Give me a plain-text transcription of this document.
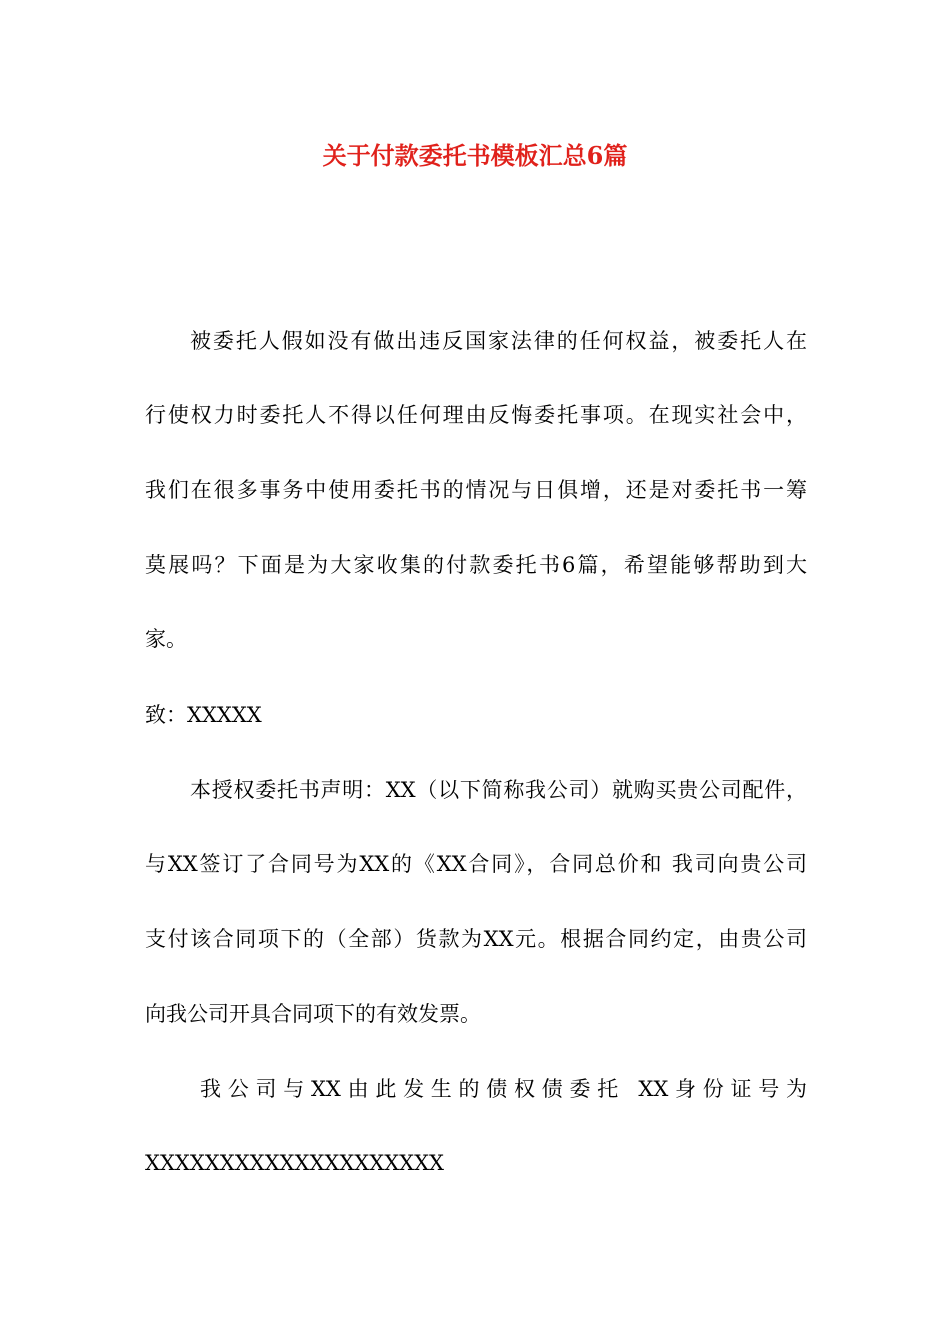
关于付款委托书模板汇总6篇
被委托人假如没有做出违反国家法律的任何权益，被委托人在
行使权力时委托人不得以任何理由反悔委托事项。在现实社会中，
我们在很多事务中使用委托书的情况与日俱增，还是对委托书一筹
莫展吗？下面是为大家收集的付款委托书6篇，希望能够帮助到大
家。
致：XXXXX
本授权委托书声明：XX（以下简称我公司）就购买贵公司配件，
与XX签订了合同号为XX的《XX合同》，合同总价和 我司向贵公司
支付该合同项下的（全部）货款为XX元。根据合同约定，由贵公司
向我公司开具合同项下的有效发票。
我公司与XX由此发生的债权债委托 XX身份证号为
XXXXXXXXXXXXXXXXXXXX
